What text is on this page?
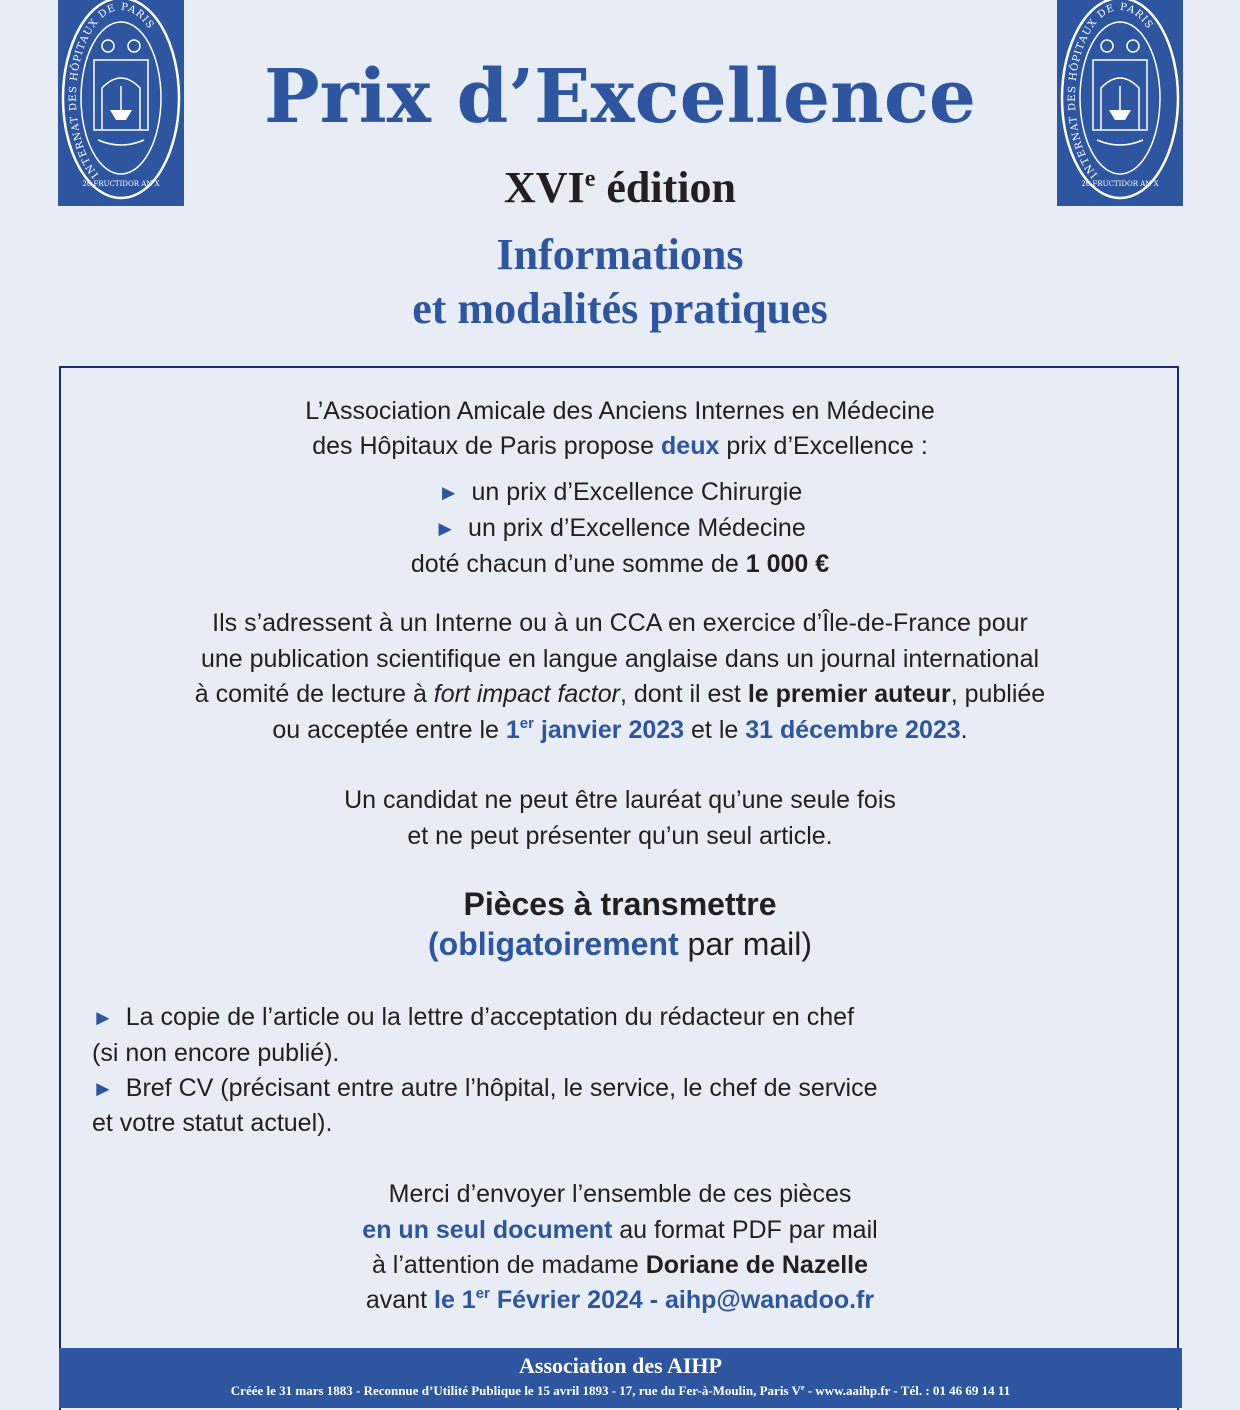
INTERNAT DES HÔPITAUX DE PARIS
26 FRUCTIDOR AN X
INTERNAT DES HÔPITAUX DE PARIS
26 FRUCTIDOR AN X
Prix d’Excellence
XVIe édition
Informations
et modalités pratiques
L’Association Amicale des Anciens Internes en Médecine
des Hôpitaux de Paris propose deux prix d’Excellence :
► un prix d’Excellence Chirurgie
► un prix d’Excellence Médecine
doté chacun d’une somme de 1 000 €
Ils s’adressent à un Interne ou à un CCA en exercice d’Île-de-France pour
une publication scientifique en langue anglaise dans un journal international
à comité de lecture à fort impact factor, dont il est le premier auteur, publiée
ou acceptée entre le 1er janvier 2023 et le 31 décembre 2023.
Un candidat ne peut être lauréat qu’une seule fois
et ne peut présenter qu’un seul article.
Pièces à transmettre
(obligatoirement par mail)
► La copie de l’article ou la lettre d’acceptation du rédacteur en chef
(si non encore publié).
► Bref CV (précisant entre autre l’hôpital, le service, le chef de service
et votre statut actuel).
Merci d’envoyer l’ensemble de ces pièces
en un seul document au format PDF par mail
à l’attention de madame Doriane de Nazelle
avant le 1er Février 2024 - aihp@wanadoo.fr
Association des AIHP
Créée le 31 mars 1883 - Reconnue d’Utilité Publique le 15 avril 1893 - 17, rue du Fer-à-Moulin, Paris Ve - www.aaihp.fr - Tél. : 01 46 69 14 11
